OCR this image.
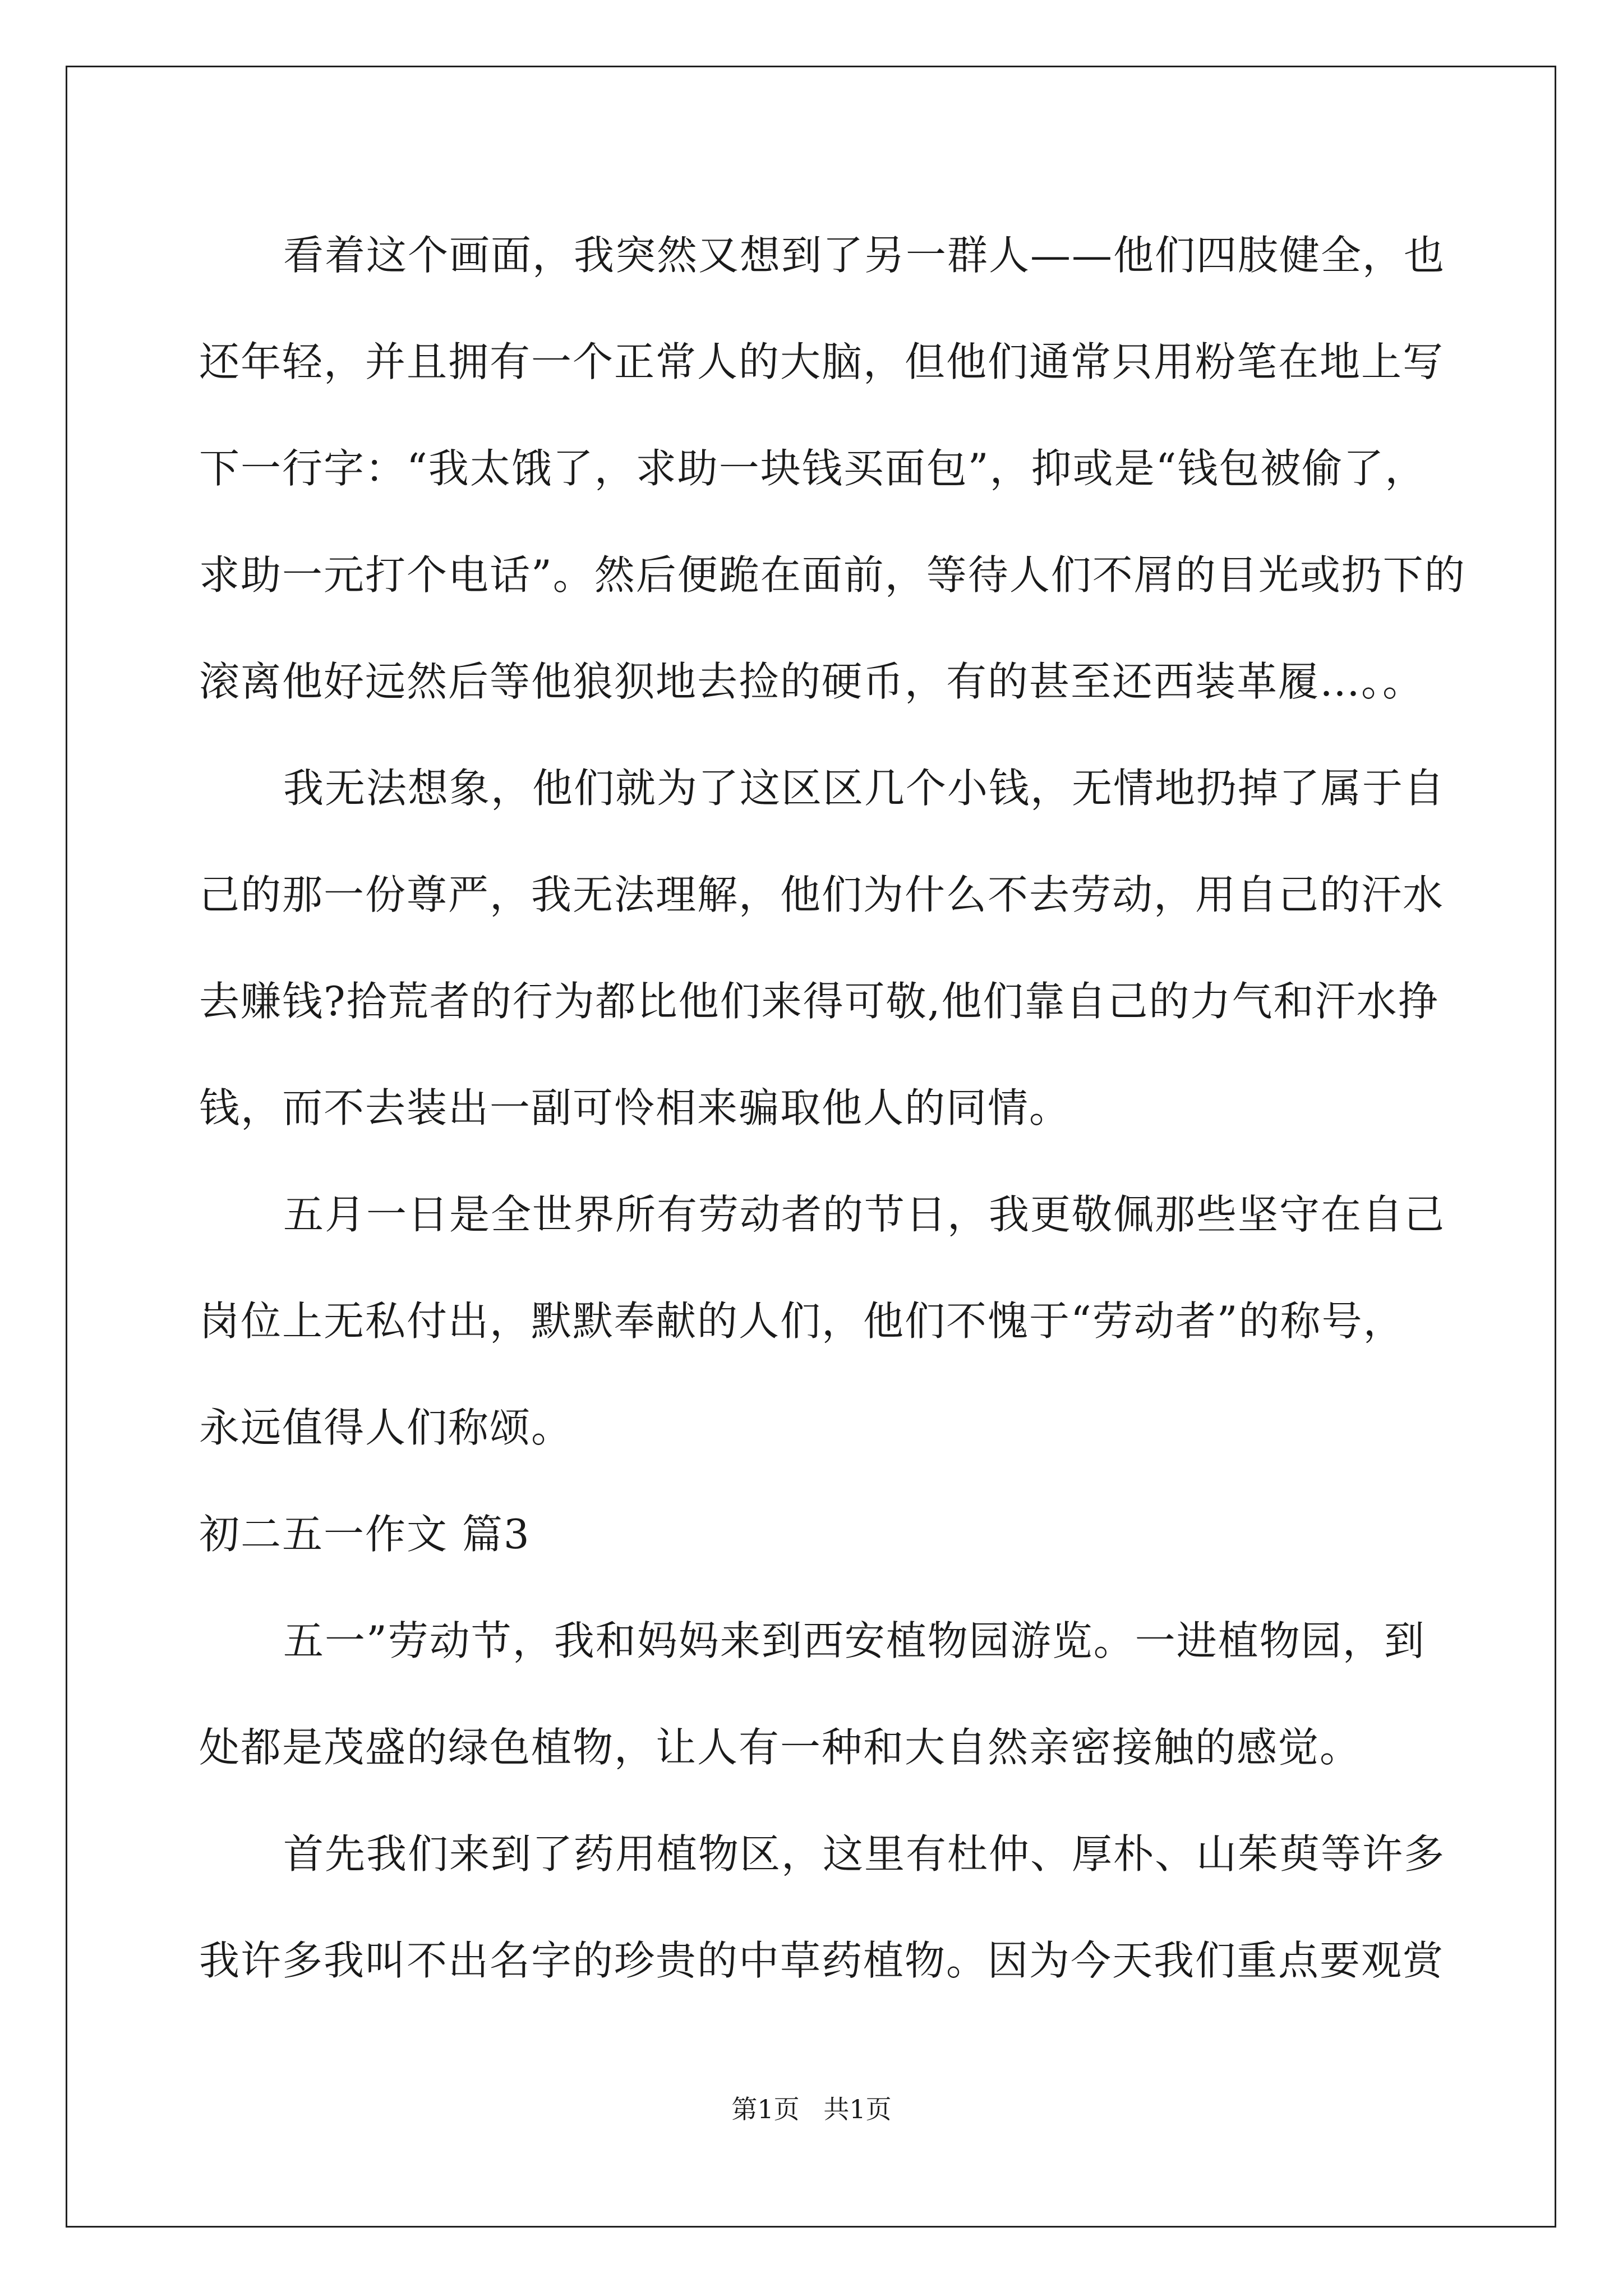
看着这个画面，我突然又想到了另一群人——他们四肢健全，也
还年轻，并且拥有一个正常人的大脑，但他们通常只用粉笔在地上写
下一行字：“我太饿了，求助一块钱买面包”，抑或是“钱包被偷了，
求助一元打个电话”。然后便跪在面前，等待人们不屑的目光或扔下的
滚离他好远然后等他狼狈地去捡的硬币，有的甚至还西装革履…。。
我无法想象，他们就为了这区区几个小钱，无情地扔掉了属于自
己的那一份尊严，我无法理解，他们为什么不去劳动，用自己的汗水
去赚钱?拾荒者的行为都比他们来得可敬,他们靠自己的力气和汗水挣
钱，而不去装出一副可怜相来骗取他人的同情。
五月一日是全世界所有劳动者的节日，我更敬佩那些坚守在自己
岗位上无私付出，默默奉献的人们，他们不愧于“劳动者”的称号，
永远值得人们称颂。
初二五一作文 篇3
五一”劳动节，我和妈妈来到西安植物园游览。一进植物园，到
处都是茂盛的绿色植物，让人有一种和大自然亲密接触的感觉。
首先我们来到了药用植物区，这里有杜仲、厚朴、山茱萸等许多
我许多我叫不出名字的珍贵的中草药植物。因为今天我们重点要观赏
第1页 共1页
